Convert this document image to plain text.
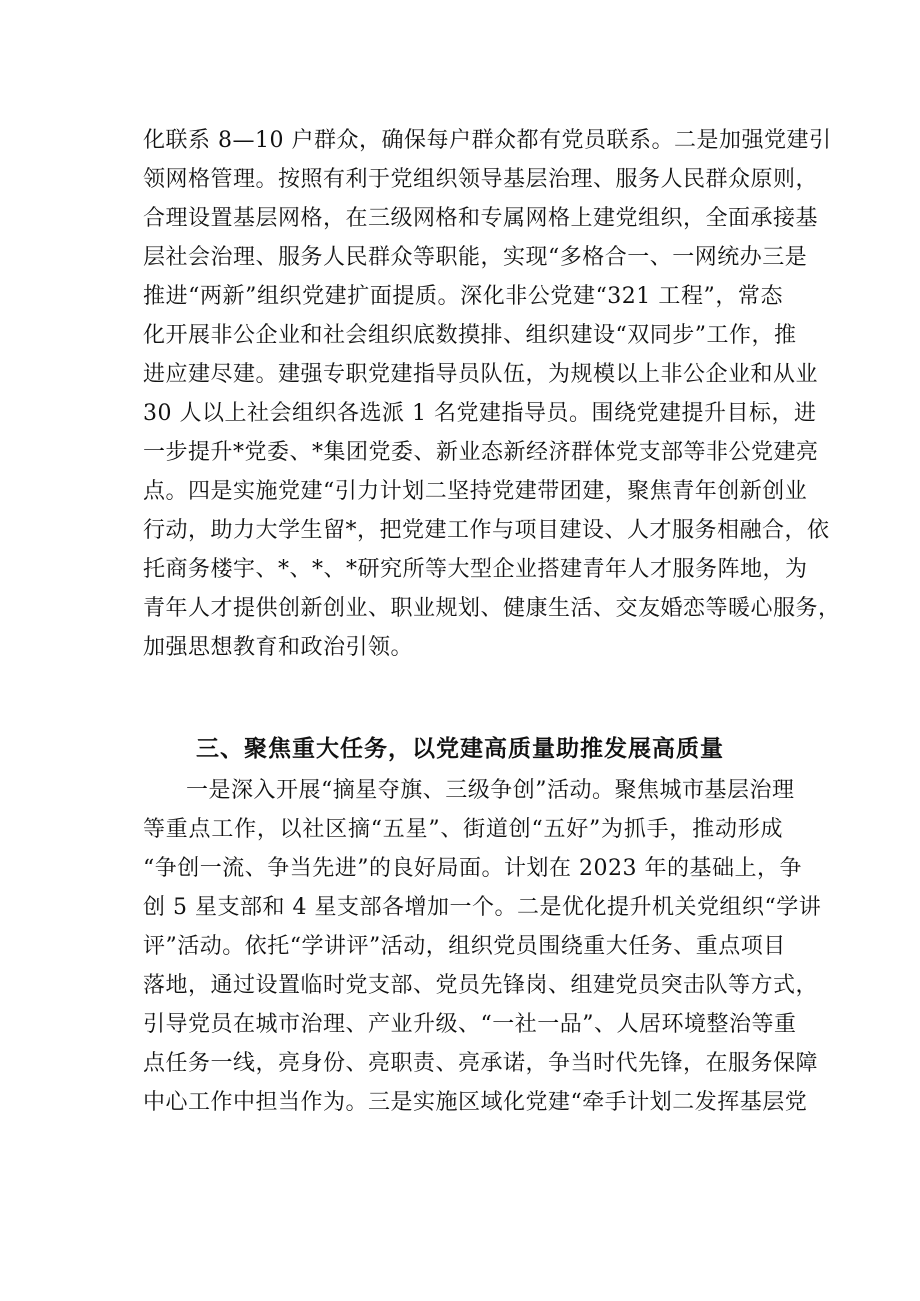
化联系 8—10 户群众，确保每户群众都有党员联系。二是加强党建引
领网格管理。按照有利于党组织领导基层治理、服务人民群众原则，
合理设置基层网格，在三级网格和专属网格上建党组织，全面承接基
层社会治理、服务人民群众等职能，实现“多格合一、一网统办三是
推进“两新”组织党建扩面提质。深化非公党建“321 工程”，常态
化开展非公企业和社会组织底数摸排、组织建设“双同步”工作，推
进应建尽建。建强专职党建指导员队伍，为规模以上非公企业和从业
30 人以上社会组织各选派 1 名党建指导员。围绕党建提升目标，进
一步提升*党委、*集团党委、新业态新经济群体党支部等非公党建亮
点。四是实施党建“引力计划二坚持党建带团建，聚焦青年创新创业
行动，助力大学生留*，把党建工作与项目建设、人才服务相融合，依
托商务楼宇、*、*、*研究所等大型企业搭建青年人才服务阵地，为
青年人才提供创新创业、职业规划、健康生活、交友婚恋等暖心服务，
加强思想教育和政治引领。
三、聚焦重大任务，以党建高质量助推发展高质量
一是深入开展“摘星夺旗、三级争创”活动。聚焦城市基层治理
等重点工作，以社区摘“五星”、街道创“五好”为抓手，推动形成
“争创一流、争当先进”的良好局面。计划在 2023 年的基础上，争
创 5 星支部和 4 星支部各增加一个。二是优化提升机关党组织“学讲
评”活动。依托“学讲评”活动，组织党员围绕重大任务、重点项目
落地，通过设置临时党支部、党员先锋岗、组建党员突击队等方式，
引导党员在城市治理、产业升级、“一社一品”、人居环境整治等重
点任务一线，亮身份、亮职责、亮承诺，争当时代先锋，在服务保障
中心工作中担当作为。三是实施区域化党建“牵手计划二发挥基层党
